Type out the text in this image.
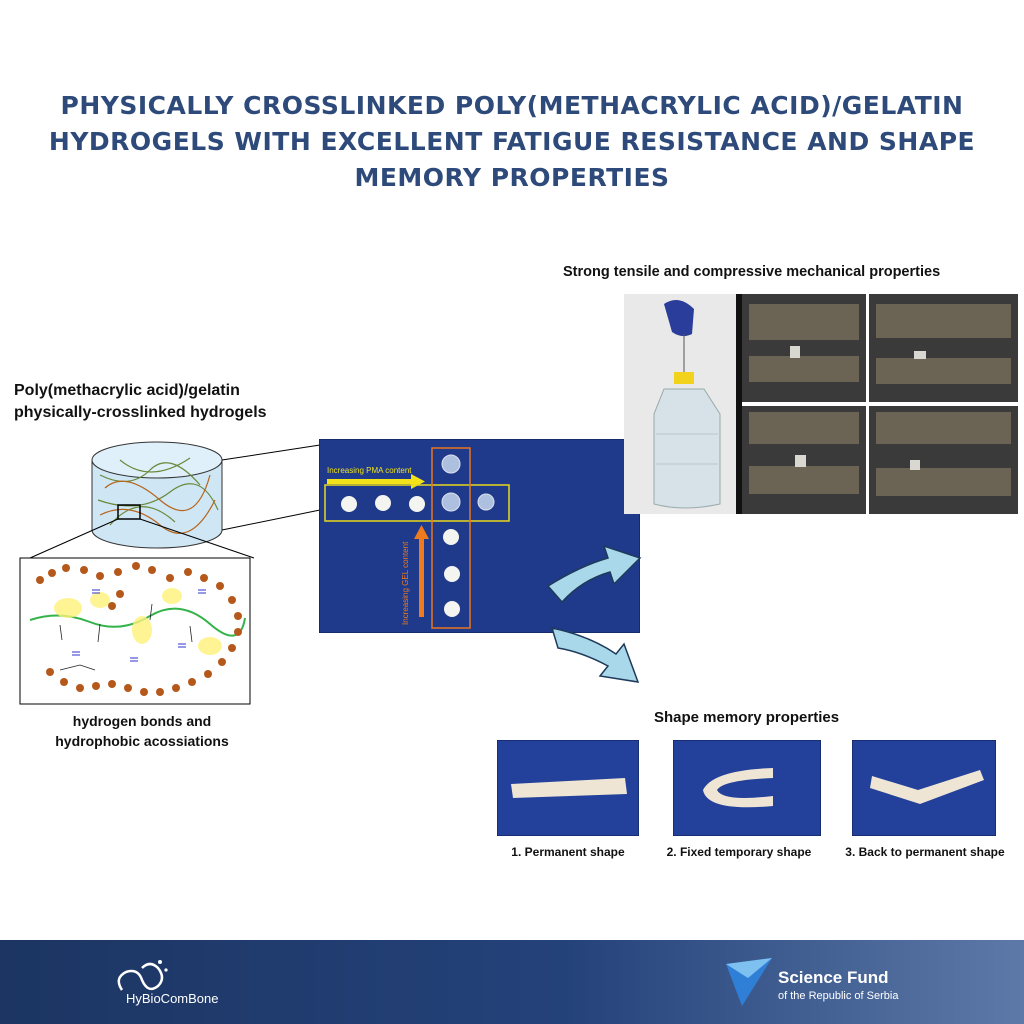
PHYSICALLY CROSSLINKED POLY(METHACRYLIC ACID)/GELATIN
HYDROGELS WITH EXCELLENT FATIGUE RESISTANCE AND SHAPE
MEMORY PROPERTIES
Poly(methacrylic acid)/gelatin
physically-crosslinked hydrogels
hydrogen bonds and
hydrophobic acossiations
Increasing PMA content
Increasing GEL content
Strong tensile and compressive mechanical properties
Shape memory properties
1. Permanent shape	2. Fixed temporary shape	3. Back to permanent shape
HyBioComBone
Science Fund
of the Republic of Serbia
